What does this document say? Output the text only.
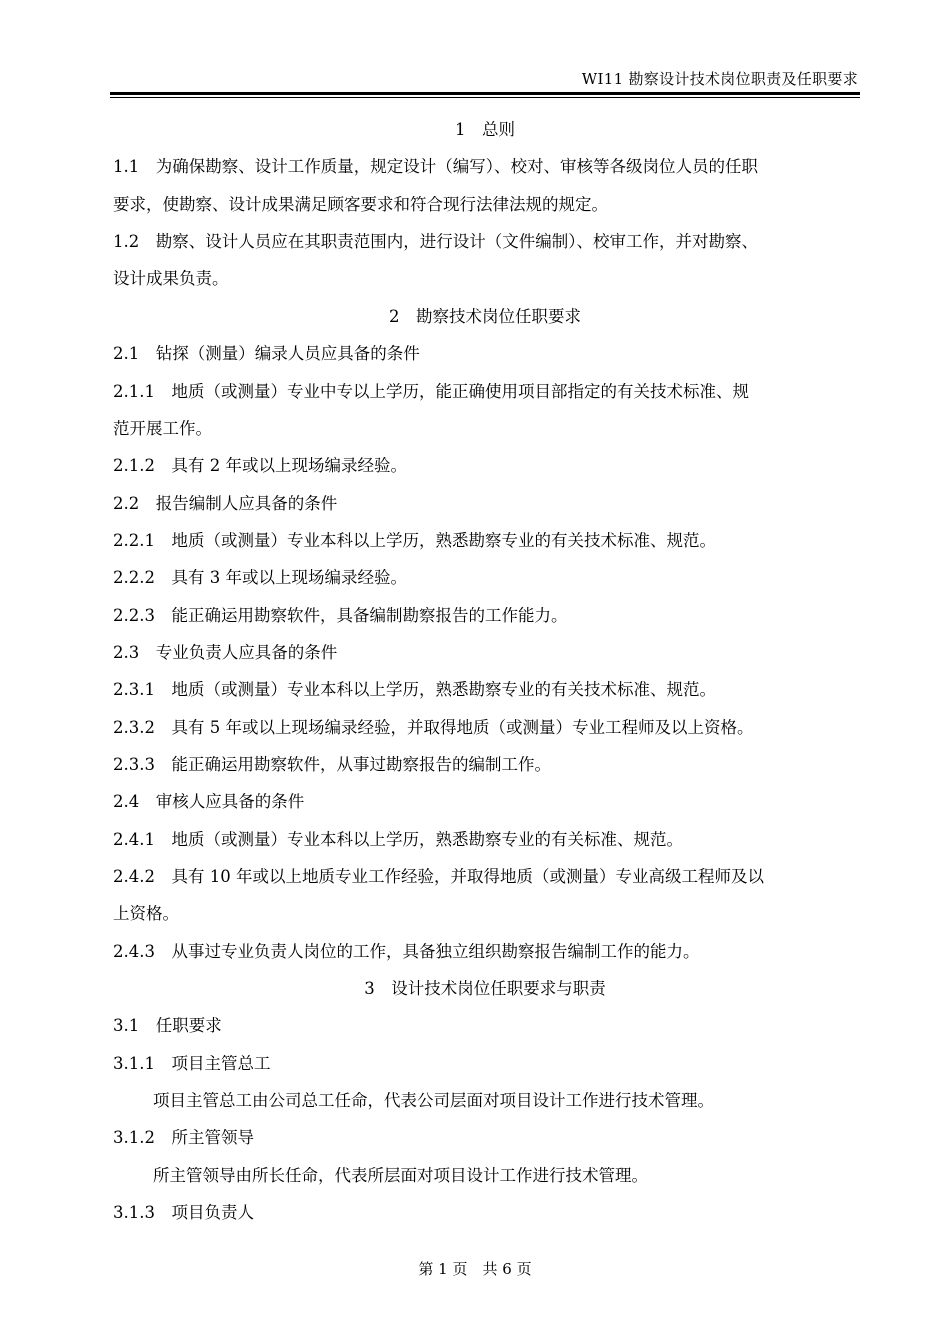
WI11 勘察设计技术岗位职责及任职要求
1　总则
1.1　为确保勘察、设计工作质量，规定设计（编写）、校对、审核等各级岗位人员的任职
要求，使勘察、设计成果满足顾客要求和符合现行法律法规的规定。
1.2　勘察、设计人员应在其职责范围内，进行设计（文件编制）、校审工作，并对勘察、
设计成果负责。
2　勘察技术岗位任职要求
2.1　钻探（测量）编录人员应具备的条件
2.1.1　地质（或测量）专业中专以上学历，能正确使用项目部指定的有关技术标准、规
范开展工作。
2.1.2　具有 2 年或以上现场编录经验。
2.2　报告编制人应具备的条件
2.2.1　地质（或测量）专业本科以上学历，熟悉勘察专业的有关技术标准、规范。
2.2.2　具有 3 年或以上现场编录经验。
2.2.3　能正确运用勘察软件，具备编制勘察报告的工作能力。
2.3　专业负责人应具备的条件
2.3.1　地质（或测量）专业本科以上学历，熟悉勘察专业的有关技术标准、规范。
2.3.2　具有 5 年或以上现场编录经验，并取得地质（或测量）专业工程师及以上资格。
2.3.3　能正确运用勘察软件，从事过勘察报告的编制工作。
2.4　审核人应具备的条件
2.4.1　地质（或测量）专业本科以上学历，熟悉勘察专业的有关标准、规范。
2.4.2　具有 10 年或以上地质专业工作经验，并取得地质（或测量）专业高级工程师及以
上资格。
2.4.3　从事过专业负责人岗位的工作，具备独立组织勘察报告编制工作的能力。
3　设计技术岗位任职要求与职责
3.1　任职要求
3.1.1　项目主管总工
项目主管总工由公司总工任命，代表公司层面对项目设计工作进行技术管理。
3.1.2　所主管领导
所主管领导由所长任命，代表所层面对项目设计工作进行技术管理。
3.1.3　项目负责人
第 1 页　共 6 页
